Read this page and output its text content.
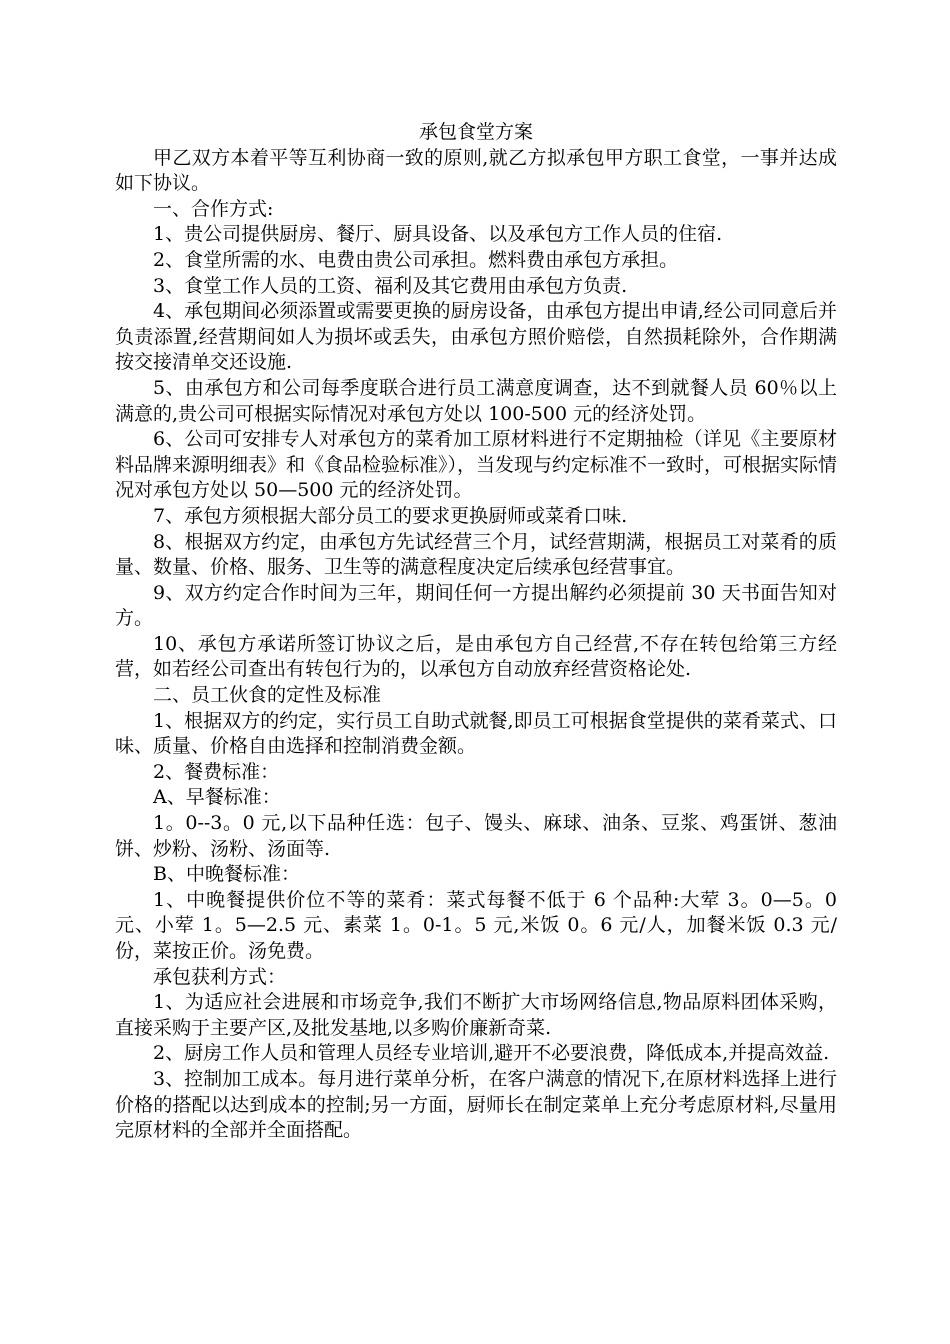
承包食堂方案

甲乙双方本着平等互利协商一致的原则,就乙方拟承包甲方职工食堂，一事并达成如下协议。

一、合作方式:

1、贵公司提供厨房、餐厅、厨具设备、以及承包方工作人员的住宿.

2、食堂所需的水、电费由贵公司承担。燃料费由承包方承担。

3、食堂工作人员的工资、福利及其它费用由承包方负责.

4、承包期间必须添置或需要更换的厨房设备，由承包方提出申请,经公司同意后并负责添置,经营期间如人为损坏或丢失，由承包方照价赔偿，自然损耗除外，合作期满按交接清单交还设施.

5、由承包方和公司每季度联合进行员工满意度调查，达不到就餐人员 60％以上满意的,贵公司可根据实际情况对承包方处以 100-500 元的经济处罚。

6、公司可安排专人对承包方的菜肴加工原材料进行不定期抽检（详见《主要原材料品牌来源明细表》和《食品检验标准》），当发现与约定标准不一致时，可根据实际情况对承包方处以 50—500 元的经济处罚。

7、承包方须根据大部分员工的要求更换厨师或菜肴口味.

8、根据双方约定，由承包方先试经营三个月，试经营期满，根据员工对菜肴的质量、数量、价格、服务、卫生等的满意程度决定后续承包经营事宜。

9、双方约定合作时间为三年，期间任何一方提出解约必须提前 30 天书面告知对方。

10、承包方承诺所签订协议之后，是由承包方自己经营,不存在转包给第三方经营，如若经公司查出有转包行为的，以承包方自动放弃经营资格论处.

二、员工伙食的定性及标准

1、根据双方的约定，实行员工自助式就餐,即员工可根据食堂提供的菜肴菜式、口味、质量、价格自由选择和控制消费金额。

2、餐费标准：

A、早餐标准：

1。0--3。0 元,以下品种任选：包子、馒头、麻球、油条、豆浆、鸡蛋饼、葱油饼、炒粉、汤粉、汤面等.

B、中晚餐标准：

1、中晚餐提供价位不等的菜肴：菜式每餐不低于 6 个品种:大荤 3。0—5。0 元、小荤 1。5—2.5 元、素菜 1。0-1。5 元,米饭 0。6 元/人，加餐米饭 0.3 元/份，菜按正价。汤免费。

承包获利方式：

1、为适应社会进展和市场竞争,我们不断扩大市场网络信息,物品原料团体采购，直接采购于主要产区,及批发基地,以多购价廉新奇菜.

2、厨房工作人员和管理人员经专业培训,避开不必要浪费，降低成本,并提高效益.

3、控制加工成本。每月进行菜单分析，在客户满意的情况下,在原材料选择上进行价格的搭配以达到成本的控制;另一方面，厨师长在制定菜单上充分考虑原材料,尽量用完原材料的全部并全面搭配。
